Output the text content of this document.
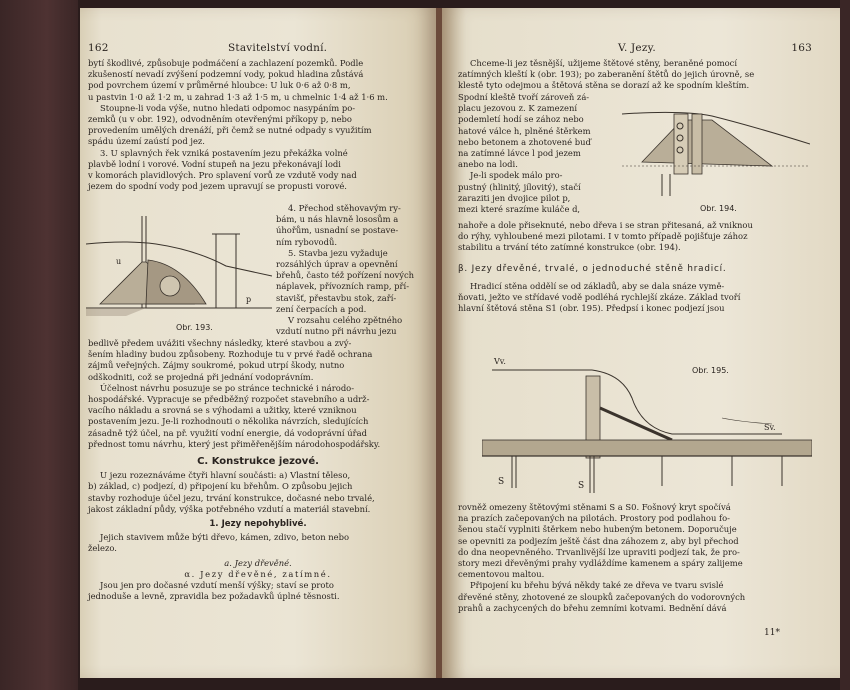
162	Stavitelství vodní.

bytí škodlivé, způsobuje podmáčení a zachlazení pozemků. Podle

zkušeností nevadí zvýšení podzemní vody, pokud hladina zůstává

pod povrchem území v průměrné hloubce: U luk 0·6 až 0·8 m,

u pastvin 1·0 až 1·2 m, u zahrad 1·3 až 1·5 m, u chmelnic 1·4 až 1·6 m.

Stoupne-li voda výše, nutno hledati odpomoc nasypáním po-

zemků (u v obr. 192), odvodněním otevřenými příkopy p, nebo

provedením umělých drenáží, při čemž se nutné odpady s využitím

spádu území zaústí pod jez.

3. U splavných řek vzniká postavením jezu překážka volné

plavbě lodní i vorové. Vodní stupeň na jezu překonávají lodi

v komorách plavidlových. Pro splavení vorů ze vzdutě vody nad

jezem do spodní vody pod jezem upravují se propusti vorové.

u
p
Obr. 193.

4. Přechod stěhovavým ry-

bám, u nás hlavně lososům a

úhořům, usnadní se postave-

ním rybovodů.

5. Stavba jezu vyžaduje

rozsáhlých úprav a opevnění

břehů, často též pořízení nových

náplavek, přívozních ramp, pří-

stavišť, přestavbu stok, zaří-

zení čerpacích a pod.

V rozsahu celého zpětného

vzdutí nutno při návrhu jezu

bedlivě předem uvážiti všechny následky, které stavbou a zvý-

šením hladiny budou způsobeny. Rozhoduje tu v prvé řadě ochrana

zájmů veřejných. Zájmy soukromé, pokud utrpí škody, nutno

odškodniti, což se projedná při jednání vodoprávním.

Účelnost návrhu posuzuje se po stránce technické i národo-

hospodářské. Vypracuje se předběžný rozpočet stavebního a udrž-

vacího nákladu a srovná se s výhodami a užitky, které vzniknou

postavením jezu. Je-li rozhodnouti o několika návrzích, sledujících

zásadně týž účel, na př. využití vodní energie, dá vodoprávní úřad

přednost tomu návrhu, který jest přiměřenějším národohospodářsky.

C. Konstrukce jezové.

U jezu rozeznáváme čtyři hlavní součásti: a) Vlastní těleso,

b) základ, c) podjezí, d) připojení ku břehům. O způsobu jejich

stavby rozhoduje účel jezu, trvání konstrukce, dočasné nebo trvalé,

jakost základní půdy, výška potřebného vzdutí a materiál stavební.

1. Jezy nepohyblivé.

Jejich stavivem může býti dřevo, kámen, zdivo, beton nebo

železo.

a. Jezy dřevěné.
α. Jezy dřevěné, zatímné.

Jsou jen pro dočasné vzdutí menší výšky; staví se proto

jednoduše a levně, zpravidla bez požadavků úplné těsnosti.

V. Jezy.	163

Chceme-li jez těsnější, užijeme štětové stěny, beraněné pomocí

zatímných kleští k (obr. 193); po zaberanění štětů do jejich úrovně, se

klestě tyto odejmou a štětová stěna se dorazí až ke spodním kleštím.

Spodní kleště tvoří zároveň zá-

placu jezovou z. K zamezení

podemletí hodí se zához nebo

hatové válce h, plněné štěrkem

nebo betonem a zhotovené buď

na zatímné lávce l pod jezem

anebo na lodi.

Je-li spodek málo pro-

pustný (hlinitý, jílovitý), stačí

zaraziti jen dvojice pilot p,

mezi které srazíme kuláče d,	Obr. 194.

nahoře a dole přiseknuté, nebo dřeva i se stran přitesaná, až vniknou

do rýhy, vyhloubené mezi pilotami. I v tomto případě pojišťuje zához

stabilitu a trvání této zatímné konstrukce (obr. 194).

β. Jezy dřevěné, trvalé, o jednoduché stěně hradicí.

Hradicí stěna oddělí se od základů, aby se dala snáze vymě-

ňovati, ježto ve střídavé vodě podléhá rychlejší zkáze. Základ tvoří

hlavní štětová stěna S1 (obr. 195). Předpsí i konec podjezí jsou

Vv.
Sv.
S	S
Obr. 195.

rovněž omezeny štětovými stěnami S a S0. Fošnový kryt spočívá

na prazích začepovaných na pilotách. Prostory pod podlahou fo-

šenou stačí vyplniti štěrkem nebo hubeným betonem. Doporučuje

se opevniti za podjezím ještě část dna záhozem z, aby byl přechod

do dna neopevněného. Trvanlivější lze upraviti podjezí tak, že pro-

story mezi dřevěnými prahy vydláždíme kamenem a spáry zalijeme

cementovou maltou.

Připojení ku břehu bývá někdy také ze dřeva ve tvaru svislé

dřevěné stěny, zhotovené ze sloupků začepovaných do vodorovných

prahů a zachycených do břehu zemními kotvami. Bednění dává

11*
